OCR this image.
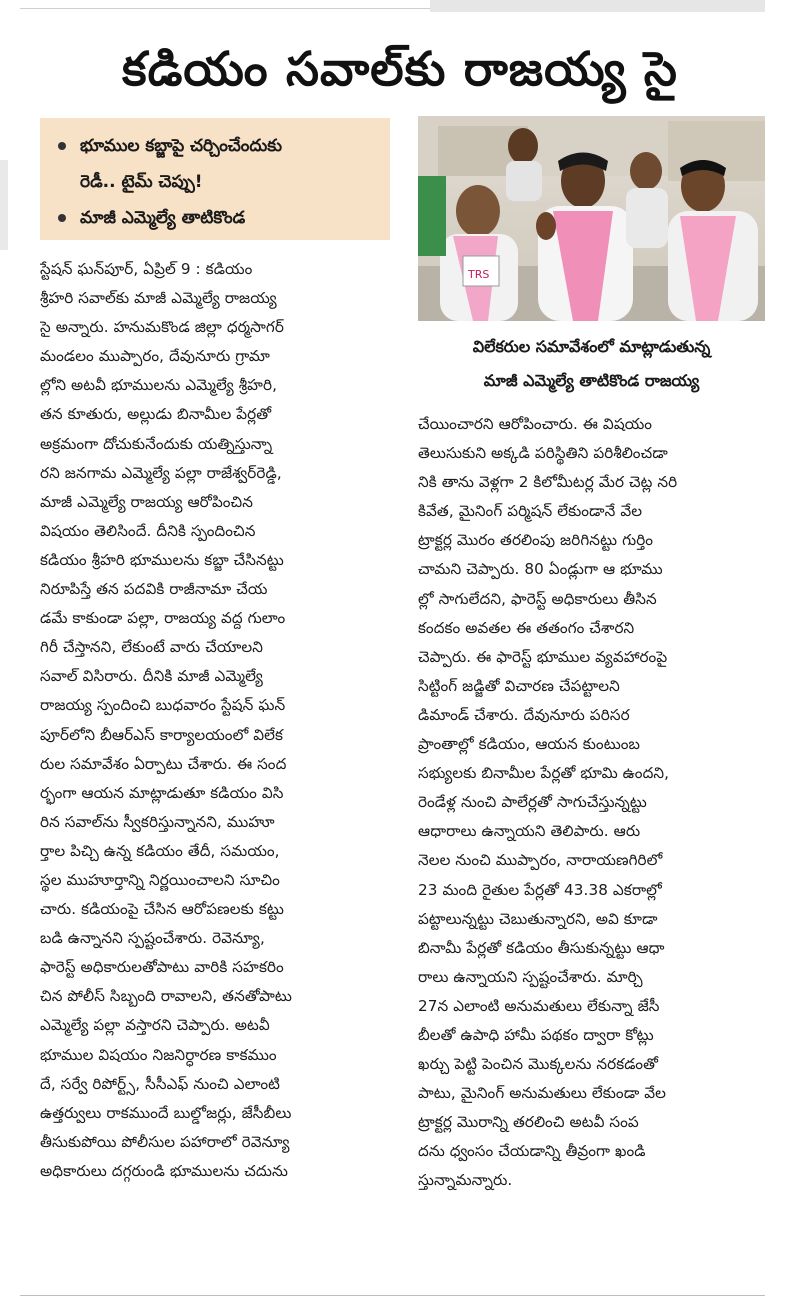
కడియం సవాల్‌కు రాజయ్య సై
భూముల కబ్జాపై చర్చించేందుకు
రెడీ.. టైమ్‌ చెప్పు!
మాజీ ఎమ్మెల్యే తాటికొండ
TRS
విలేకరుల సమావేశంలో మాట్లాడుతున్న
మాజీ ఎమ్మెల్యే తాటికొండ రాజయ్య
స్టేషన్‌ ఘన్‌పూర్‌, ఏప్రిల్‌ 9 : కడియం
శ్రీహరి సవాల్‌కు మాజీ ఎమ్మెల్యే రాజయ్య
సై అన్నారు. హనుమకొండ జిల్లా ధర్మసాగర్‌
మండలం ముప్పారం, దేవునూరు గ్రామా
ల్లోని అటవీ భూములను ఎమ్మెల్యే శ్రీహరి,
తన కూతురు, అల్లుడు బినామీల పేర్లతో
అక్రమంగా దోచుకునేందుకు యత్నిస్తున్నా
రని జనగామ ఎమ్మెల్యే పల్లా రాజేశ్వర్‌రెడ్డి,
మాజీ ఎమ్మెల్యే రాజయ్య ఆరోపించిన
విషయం తెలిసిందే. దీనికి స్పందించిన
కడియం శ్రీహరి భూములను కబ్జా చేసినట్టు
నిరూపిస్తే తన పదవికి రాజీనామా చేయ
డమే కాకుండా పల్లా, రాజయ్య వద్ద గులాం
గిరీ చేస్తానని, లేకుంటే వారు చేయాలని
సవాల్‌ విసిరారు. దీనికి మాజీ ఎమ్మెల్యే
రాజయ్య స్పందించి బుధవారం స్టేషన్‌ ఘన్‌
పూర్‌లోని బీఆర్‌ఎస్‌ కార్యాలయంలో విలేక
రుల సమావేశం ఏర్పాటు చేశారు. ఈ సంద
ర్భంగా ఆయన మాట్లాడుతూ కడియం విసి
రిన సవాల్‌ను స్వీకరిస్తున్నానని, ముహూ
ర్తాల పిచ్చి ఉన్న కడియం తేదీ, సమయం,
స్థల ముహూర్తాన్ని నిర్ణయించాలని సూచిం
చారు. కడియంపై చేసిన ఆరోపణలకు కట్టు
బడి ఉన్నానని స్పష్టంచేశారు. రెవెన్యూ,
ఫారెస్ట్‌ అధికారులతోపాటు వారికి సహకరిం
చిన పోలీస్‌ సిబ్బంది రావాలని, తనతోపాటు
ఎమ్మెల్యే పల్లా వస్తారని చెప్పారు. అటవీ
భూముల విషయం నిజనిర్ధారణ కాకముం
దే, సర్వే రిపోర్ట్స్‌, సీసీఎఫ్‌ నుంచి ఎలాంటి
ఉత్తర్వులు రాకముందే బుల్డోజర్లు, జేసీబీలు
తీసుకుపోయి పోలీసుల పహారాలో రెవెన్యూ
అధికారులు దగ్గరుండి భూములను చదును
చేయించారని ఆరోపించారు. ఈ విషయం
తెలుసుకుని అక్కడి పరిస్థితిని పరిశీలించడా
నికి తాను వెళ్లగా 2 కిలోమీటర్ల మేర చెట్ల నరి
కివేత, మైనింగ్‌ పర్మిషన్‌ లేకుండానే వేల
ట్రాక్టర్ల మొరం తరలింపు జరిగినట్టు గుర్తిం
చామని చెప్పారు. 80 ఏండ్లుగా ఆ భూము
ల్లో సాగులేదని, ఫారెస్ట్‌ అధికారులు తీసిన
కందకం అవతల ఈ తతంగం చేశారని
చెప్పారు. ఈ ఫారెస్ట్‌ భూముల వ్యవహారంపై
సిట్టింగ్‌ జడ్జితో విచారణ చేపట్టాలని
డిమాండ్‌ చేశారు. దేవునూరు పరిసర
ప్రాంతాల్లో కడియం, ఆయన కుంటుంబ
సభ్యులకు బినామీల పేర్లతో భూమి ఉందని,
రెండేళ్ల నుంచి పాలేర్లతో సాగుచేస్తున్నట్టు
ఆధారాలు ఉన్నాయని తెలిపారు. ఆరు
నెలల నుంచి ముప్పారం, నారాయణగిరిలో
23 మంది రైతుల పేర్లతో 43.38 ఎకరాల్లో
పట్టాలున్నట్టు చెబుతున్నారని, అవి కూడా
బినామీ పేర్లతో కడియం తీసుకున్నట్టు ఆధా
రాలు ఉన్నాయని స్పష్టంచేశారు. మార్చి
27న ఎలాంటి అనుమతులు లేకున్నా జేసీ
బీలతో ఉపాధి హామీ పథకం ద్వారా కోట్లు
ఖర్చు పెట్టి పెంచిన మొక్కలను నరకడంతో
పాటు, మైనింగ్‌ అనుమతులు లేకుండా వేల
ట్రాక్టర్ల మొరాన్ని తరలించి అటవీ సంప
దను ధ్వంసం చేయడాన్ని తీవ్రంగా ఖండి
స్తున్నామన్నారు.
